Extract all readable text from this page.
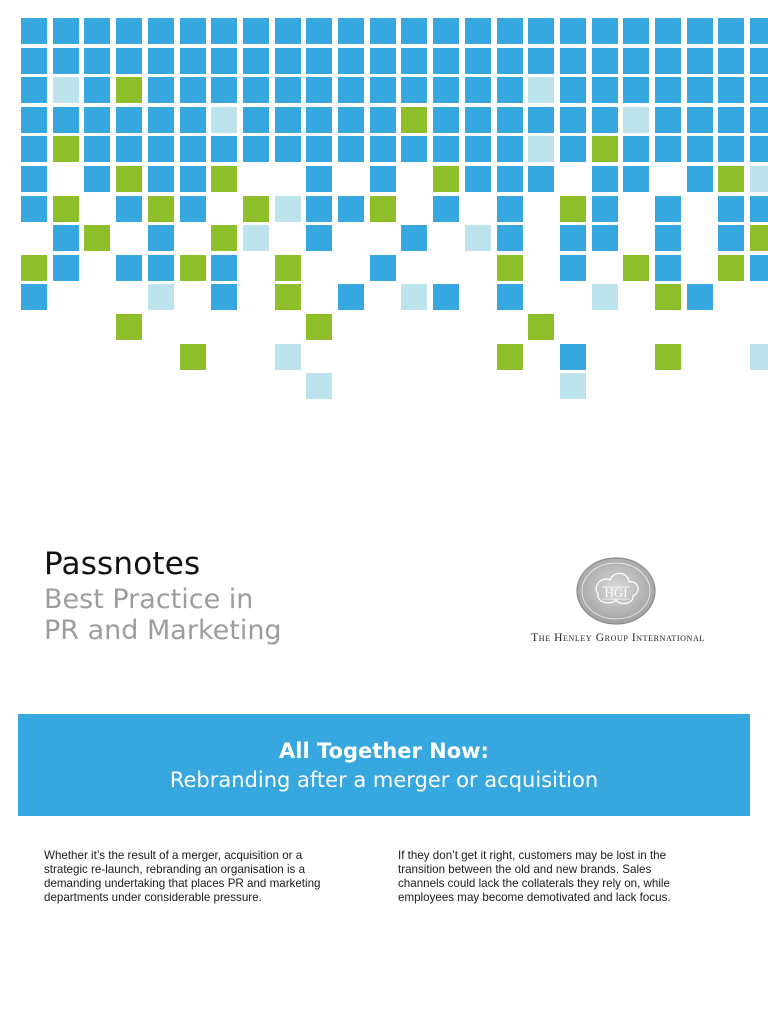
Passnotes
Best Practice in
PR and Marketing
HGI
The Henley Group International
All Together Now:
Rebranding after a merger or acquisition
Whether it’s the result of a merger, acquisition or a
strategic re-launch, rebranding an organisation is a
demanding undertaking that places PR and marketing
departments under considerable pressure.
If they don’t get it right, customers may be lost in the
transition between the old and new brands. Sales
channels could lack the collaterals they rely on, while
employees may become demotivated and lack focus.
